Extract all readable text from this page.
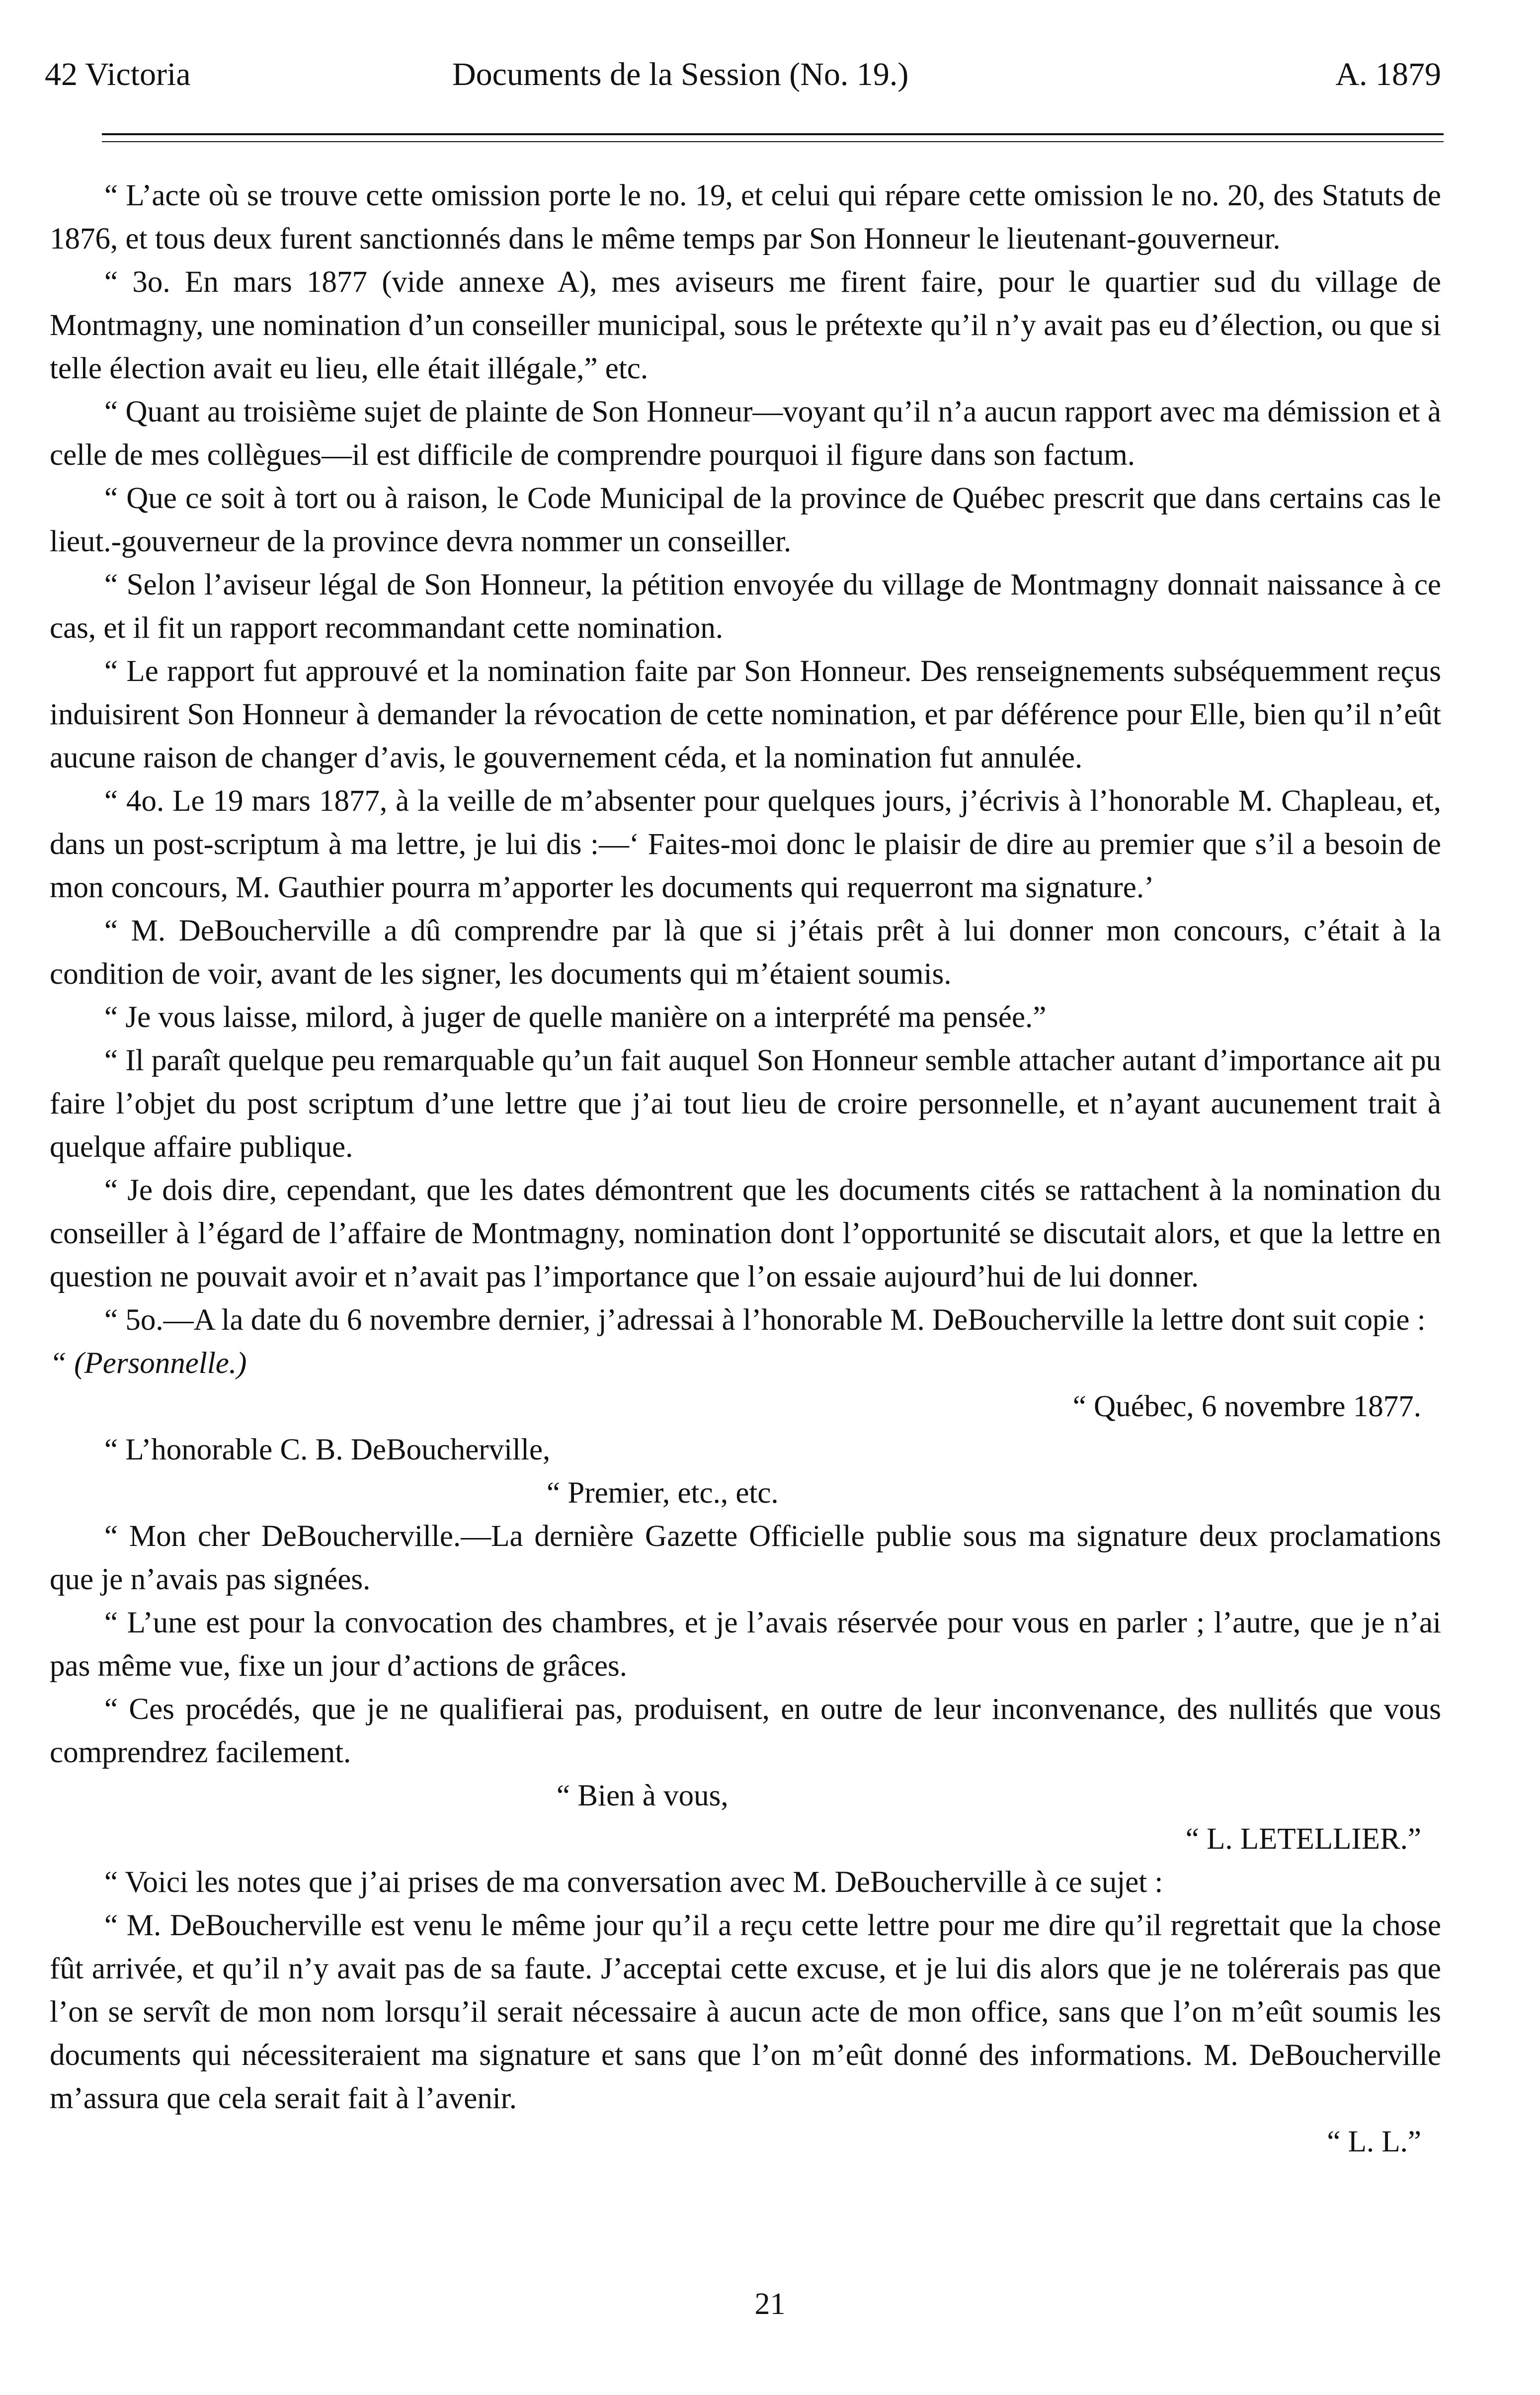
42 Victoria	Documents de la Session (No. 19.)	A. 1879

“ L’acte où se trouve cette omission porte le no. 19, et celui qui répare cette omission le no. 20, des Statuts de 1876, et tous deux furent sanctionnés dans le même temps par Son Honneur le lieutenant-gouverneur.

“ 3o. En mars 1877 (vide annexe A), mes aviseurs me firent faire, pour le quartier sud du village de Montmagny, une nomination d’un conseiller municipal, sous le prétexte qu’il n’y avait pas eu d’élection, ou que si telle élection avait eu lieu, elle était illégale,” etc.

“ Quant au troisième sujet de plainte de Son Honneur—voyant qu’il n’a aucun rapport avec ma démission et à celle de mes collègues—il est difficile de comprendre pourquoi il figure dans son factum.

“ Que ce soit à tort ou à raison, le Code Municipal de la province de Québec prescrit que dans certains cas le lieut.-gouverneur de la province devra nommer un conseiller.

“ Selon l’aviseur légal de Son Honneur, la pétition envoyée du village de Montmagny donnait naissance à ce cas, et il fit un rapport recommandant cette nomination.

“ Le rapport fut approuvé et la nomination faite par Son Honneur. Des renseignements subséquemment reçus induisirent Son Honneur à demander la révocation de cette nomination, et par déférence pour Elle, bien qu’il n’eût aucune raison de changer d’avis, le gouvernement céda, et la nomination fut annulée.

“ 4o. Le 19 mars 1877, à la veille de m’absenter pour quelques jours, j’écrivis à l’honorable M. Chapleau, et, dans un post-scriptum à ma lettre, je lui dis :—‘ Faites-moi donc le plaisir de dire au premier que s’il a besoin de mon concours, M. Gauthier pourra m’apporter les documents qui requerront ma signature.’

“ M. DeBoucherville a dû comprendre par là que si j’étais prêt à lui donner mon concours, c’était à la condition de voir, avant de les signer, les documents qui m’étaient soumis.

“ Je vous laisse, milord, à juger de quelle manière on a interprété ma pensée.”

“ Il paraît quelque peu remarquable qu’un fait auquel Son Honneur semble attacher autant d’importance ait pu faire l’objet du post scriptum d’une lettre que j’ai tout lieu de croire personnelle, et n’ayant aucunement trait à quelque affaire publique.

“ Je dois dire, cependant, que les dates démontrent que les documents cités se rattachent à la nomination du conseiller à l’égard de l’affaire de Montmagny, nomination dont l’opportunité se discutait alors, et que la lettre en question ne pouvait avoir et n’avait pas l’importance que l’on essaie aujourd’hui de lui donner.

“ 5o.—A la date du 6 novembre dernier, j’adressai à l’honorable M. DeBoucherville la lettre dont suit copie :

“ (Personnelle.)

“ Québec, 6 novembre 1877.

“ L’honorable C. B. DeBoucherville,

“ Premier, etc., etc.

“ Mon cher DeBoucherville.—La dernière Gazette Officielle publie sous ma signature deux proclamations que je n’avais pas signées.

“ L’une est pour la convocation des chambres, et je l’avais réservée pour vous en parler ; l’autre, que je n’ai pas même vue, fixe un jour d’actions de grâces.

“ Ces procédés, que je ne qualifierai pas, produisent, en outre de leur inconvenance, des nullités que vous comprendrez facilement.

“ Bien à vous,

“ L. LETELLIER.”

“ Voici les notes que j’ai prises de ma conversation avec M. DeBoucherville à ce sujet :

“ M. DeBoucherville est venu le même jour qu’il a reçu cette lettre pour me dire qu’il regrettait que la chose fût arrivée, et qu’il n’y avait pas de sa faute. J’acceptai cette excuse, et je lui dis alors que je ne tolérerais pas que l’on se servît de mon nom lorsqu’il serait nécessaire à aucun acte de mon office, sans que l’on m’eût soumis les documents qui nécessiteraient ma signature et sans que l’on m’eût donné des informations. M. DeBoucherville m’assura que cela serait fait à l’avenir.

“ L. L.”

21
